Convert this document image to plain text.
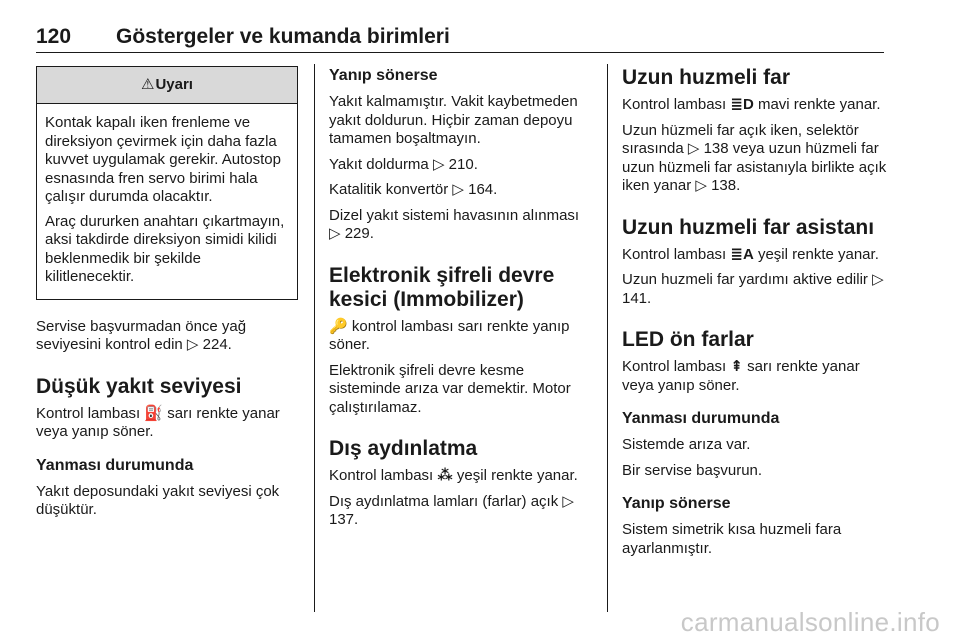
120 Göstergeler ve kumanda birimleri
⚠ Uyarı

Kontak kapalı iken frenleme ve direksiyon çevirmek için daha fazla kuvvet uygulamak gerekir. Autostop esnasında fren servo birimi hala çalışır durumda olacaktır.

Araç dururken anahtarı çıkartmayın, aksi takdirde direksiyon simidi kilidi beklenmedik bir şekilde kilitlenecektir.

Servise başvurmadan önce yağ seviyesini kontrol edin ▷ 224.

Düşük yakıt seviyesi

Kontrol lambası ⛽ sarı renkte yanar veya yanıp söner.

Yanması durumunda

Yakıt deposundaki yakıt seviyesi çok düşüktür.

Yanıp sönerse

Yakıt kalmamıştır. Vakit kaybetmeden yakıt doldurun. Hiçbir zaman depoyu tamamen boşaltmayın.

Yakıt doldurma ▷ 210.

Katalitik konvertör ▷ 164.

Dizel yakıt sistemi havasının alınması ▷ 229.

Elektronik şifreli devre kesici (Immobilizer)

🔑 kontrol lambası sarı renkte yanıp söner.

Elektronik şifreli devre kesme sisteminde arıza var demektir. Motor çalıştırılamaz.

Dış aydınlatma

Kontrol lambası ⁂ yeşil renkte yanar.

Dış aydınlatma lamları (farlar) açık ▷ 137.

Uzun huzmeli far

Kontrol lambası ≣D mavi renkte yanar.

Uzun hüzmeli far açık iken, selektör sırasında ▷ 138 veya uzun hüzmeli far uzun hüzmeli far asistanıyla birlikte açık iken yanar ▷ 138.

Uzun huzmeli far asistanı

Kontrol lambası ≣A yeşil renkte yanar.

Uzun huzmeli far yardımı aktive edilir ▷ 141.

LED ön farlar

Kontrol lambası ⇞ sarı renkte yanar veya yanıp söner.

Yanması durumunda

Sistemde arıza var.

Bir servise başvurun.

Yanıp sönerse

Sistem simetrik kısa huzmeli fara ayarlanmıştır.

carmanualsonline.info
